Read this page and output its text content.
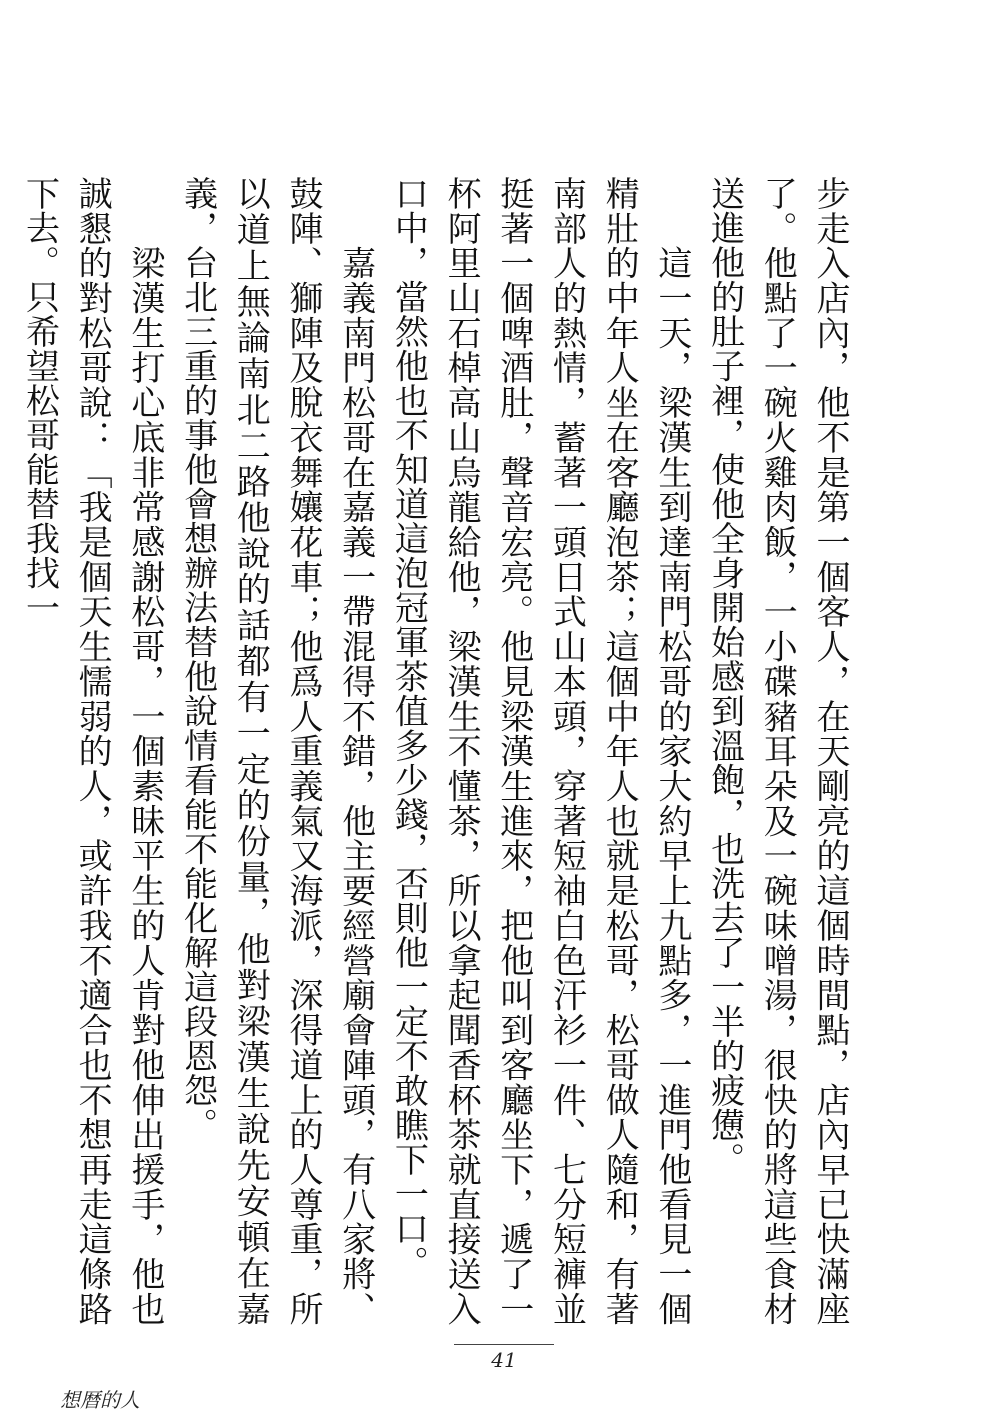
步走入店內，他不是第一個客人，在天剛亮的這個時間點，店內早已快滿座了。他點了一碗火雞肉飯，一小碟豬耳朵及一碗味噌湯，很快的將這些食材送進他的肚子裡，使他全身開始感到溫飽，也洗去了一半的疲憊。

　　這一天，梁漢生到達南門松哥的家大約早上九點多，一進門他看見一個精壯的中年人坐在客廳泡茶；這個中年人也就是松哥，松哥做人隨和，有著南部人的熱情，蓄著一頭日式山本頭，穿著短袖白色汗衫一件、七分短褲並挺著一個啤酒肚，聲音宏亮。他見梁漢生進來，把他叫到客廳坐下，遞了一杯阿里山石棹高山烏龍給他，梁漢生不懂茶，所以拿起聞香杯茶就直接送入口中，當然他也不知道這泡冠軍茶值多少錢，否則他一定不敢瞧下一口。

　　嘉義南門松哥在嘉義一帶混得不錯，他主要經營廟會陣頭，有八家將、鼓陣、獅陣及脫衣舞孃花車；他爲人重義氣又海派，深得道上的人尊重，所以道上無論南北二路他說的話都有一定的份量，他對梁漢生說先安頓在嘉義，台北三重的事他會想辦法替他說情看能不能化解這段恩怨。

　　梁漢生打心底非常感謝松哥，一個素昧平生的人肯對他伸出援手，他也誠懇的對松哥說：「我是個天生懦弱的人，或許我不適合也不想再走這條路下去。只希望松哥能替我找一

41
想暦的人
